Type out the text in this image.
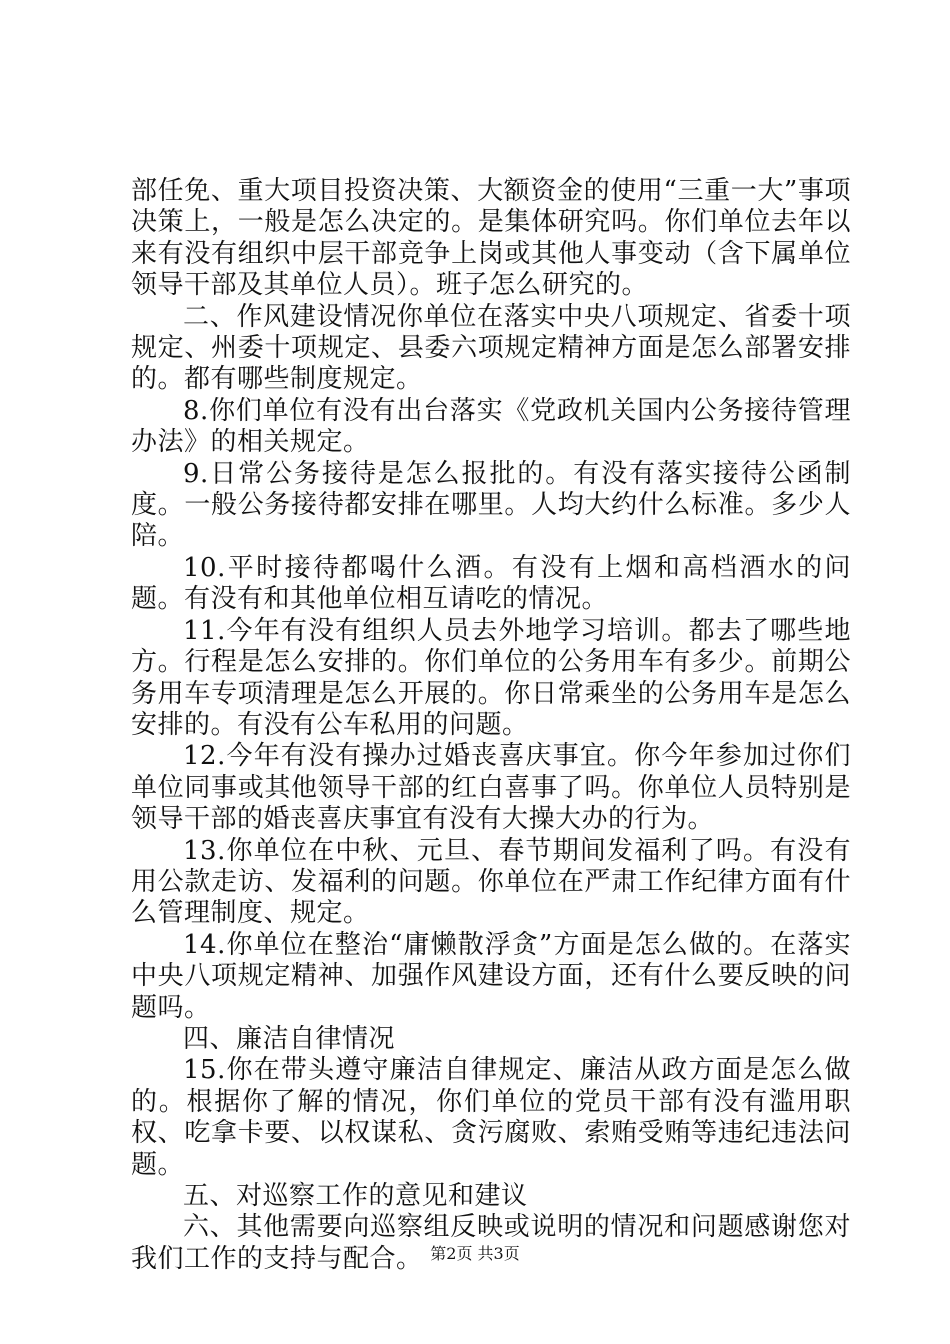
部任免、重大项目投资决策、大额资金的使用“三重一大”事项决策上，一般是怎么决定的。是集体研究吗。你们单位去年以来有没有组织中层干部竞争上岗或其他人事变动（含下属单位领导干部及其单位人员）。班子怎么研究的。

二、作风建设情况你单位在落实中央八项规定、省委十项规定、州委十项规定、县委六项规定精神方面是怎么部署安排的。都有哪些制度规定。

8.你们单位有没有出台落实《党政机关国内公务接待管理办法》的相关规定。

9.日常公务接待是怎么报批的。有没有落实接待公函制度。一般公务接待都安排在哪里。人均大约什么标准。多少人陪。

10.平时接待都喝什么酒。有没有上烟和高档酒水的问题。有没有和其他单位相互请吃的情况。

11.今年有没有组织人员去外地学习培训。都去了哪些地方。行程是怎么安排的。你们单位的公务用车有多少。前期公务用车专项清理是怎么开展的。你日常乘坐的公务用车是怎么安排的。有没有公车私用的问题。

12.今年有没有操办过婚丧喜庆事宜。你今年参加过你们单位同事或其他领导干部的红白喜事了吗。你单位人员特别是领导干部的婚丧喜庆事宜有没有大操大办的行为。

13.你单位在中秋、元旦、春节期间发福利了吗。有没有用公款走访、发福利的问题。你单位在严肃工作纪律方面有什么管理制度、规定。

14.你单位在整治“庸懒散浮贪”方面是怎么做的。在落实中央八项规定精神、加强作风建设方面，还有什么要反映的问题吗。

四、廉洁自律情况

15.你在带头遵守廉洁自律规定、廉洁从政方面是怎么做的。根据你了解的情况，你们单位的党员干部有没有滥用职权、吃拿卡要、以权谋私、贪污腐败、索贿受贿等违纪违法问题。

五、对巡察工作的意见和建议

六、其他需要向巡察组反映或说明的情况和问题感谢您对我们工作的支持与配合。 第2页 共3页
